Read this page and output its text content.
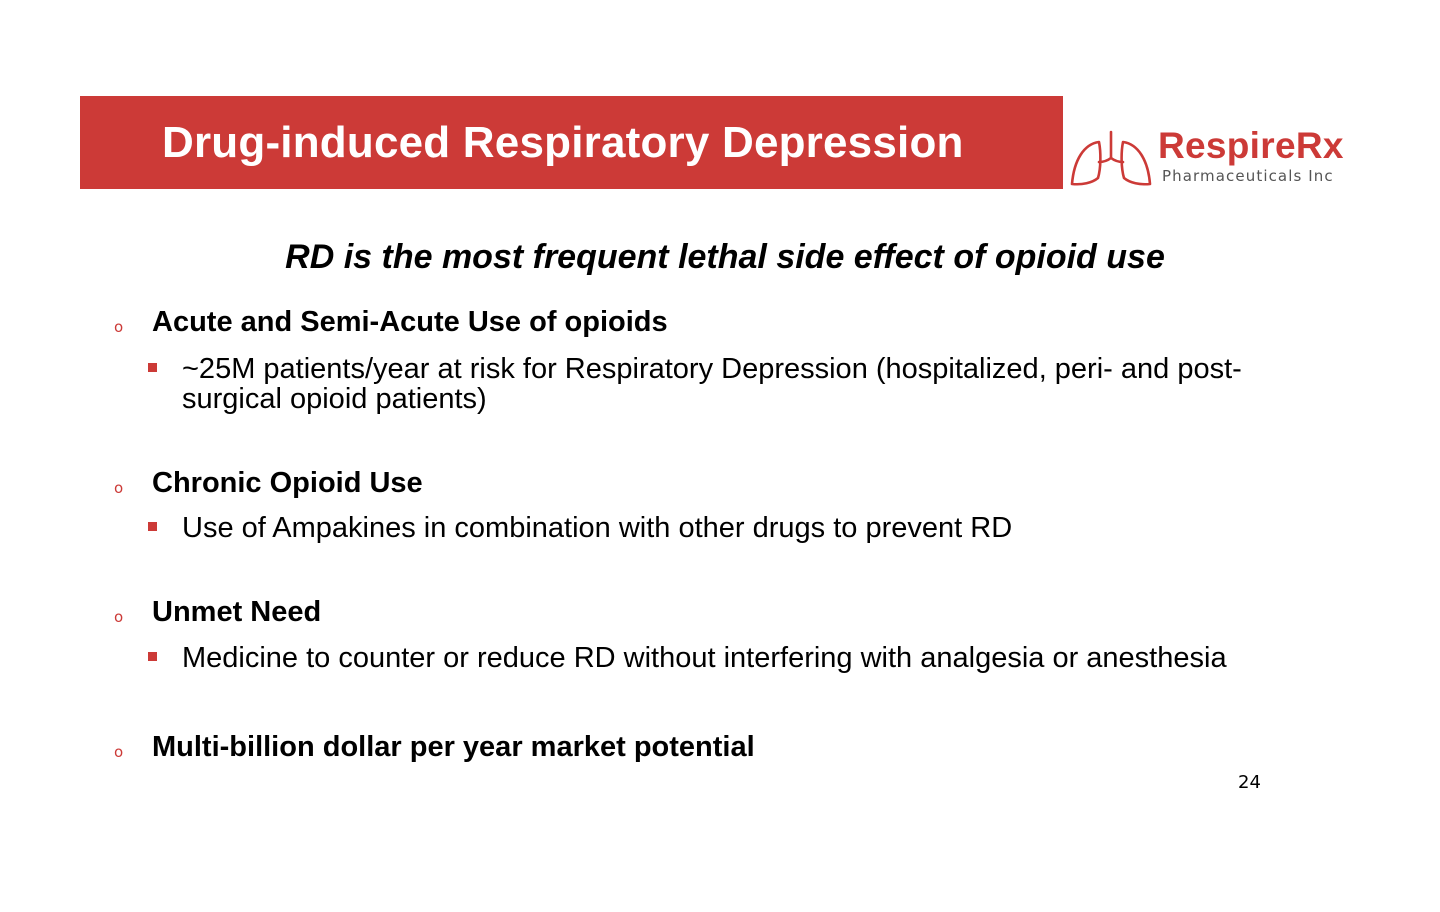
Drug-induced Respiratory Depression	RespireRx
Pharmaceuticals Inc
RD is the most frequent lethal side effect of opioid use
o Acute and Semi-Acute Use of opioids
~25M patients/year at risk for Respiratory Depression (hospitalized, peri- and post-surgical opioid patients)
o Chronic Opioid Use
Use of Ampakines in combination with other drugs to prevent RD
o Unmet Need
Medicine to counter or reduce RD without interfering with analgesia or anesthesia
o Multi-billion dollar per year market potential
24
